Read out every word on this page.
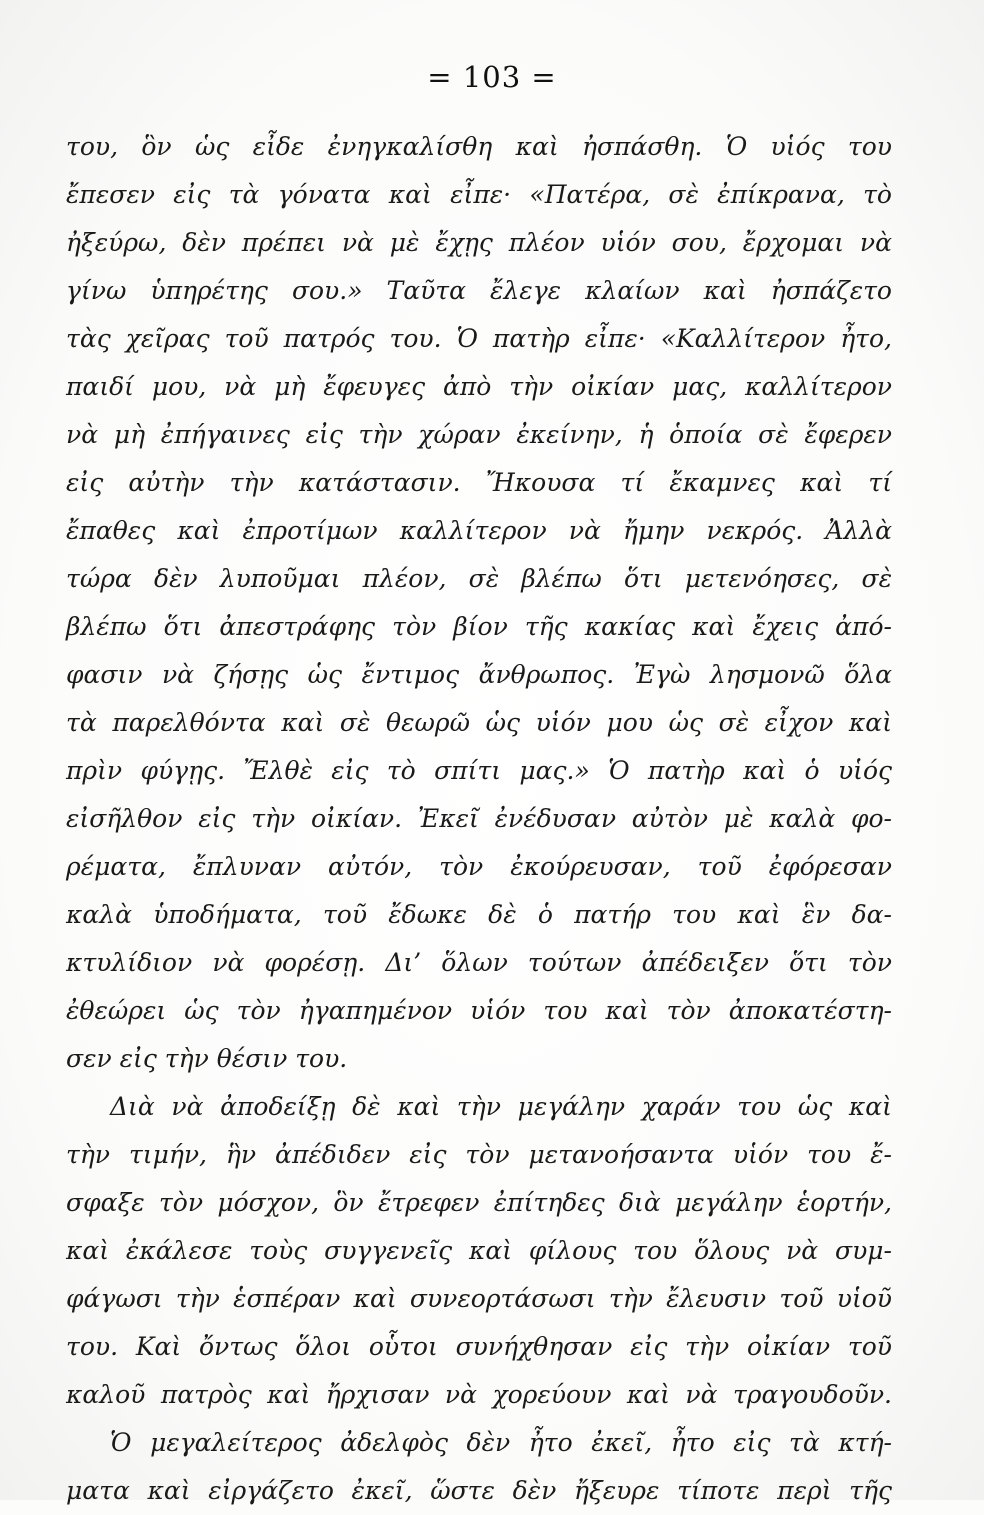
= 103 =
του, ὃν ὡς εἶδε ἐνηγκαλίσθη καὶ ἠσπάσθη. Ὁ υἱός του
ἔπεσεν εἰς τὰ γόνατα καὶ εἶπε· «Πατέρα, σὲ ἐπίκρανα, τὸ
ἠξεύρω, δὲν πρέπει νὰ μὲ ἔχῃς πλέον υἱόν σου, ἔρχομαι νὰ
γίνω ὑπηρέτης σου.» Ταῦτα ἔλεγε κλαίων καὶ ἠσπάζετο
τὰς χεῖρας τοῦ πατρός του. Ὁ πατὴρ εἶπε· «Καλλίτερον ἦτο,
παιδί μου, νὰ μὴ ἔφευγες ἀπὸ τὴν οἰκίαν μας, καλλίτερον
νὰ μὴ ἐπήγαινες εἰς τὴν χώραν ἐκείνην, ἡ ὁποία σὲ ἔφερεν
εἰς αὐτὴν τὴν κατάστασιν. Ἤκουσα τί ἔκαμνες καὶ τί
ἔπαθες καὶ ἐπροτίμων καλλίτερον νὰ ἤμην νεκρός. Ἀλλὰ
τώρα δὲν λυποῦμαι πλέον, σὲ βλέπω ὅτι μετενόησες, σὲ
βλέπω ὅτι ἀπεστράφης τὸν βίον τῆς κακίας καὶ ἔχεις ἀπό-
φασιν νὰ ζήσῃς ὡς ἔντιμος ἄνθρωπος. Ἐγὼ λησμονῶ ὅλα
τὰ παρελθόντα καὶ σὲ θεωρῶ ὡς υἱόν μου ὡς σὲ εἶχον καὶ
πρὶν φύγῃς. Ἔλθὲ εἰς τὸ σπίτι μας.» Ὁ πατὴρ καὶ ὁ υἱός
εἰσῆλθον εἰς τὴν οἰκίαν. Ἐκεῖ ἐνέδυσαν αὐτὸν μὲ καλὰ φο-
ρέματα, ἔπλυναν αὐτόν, τὸν ἐκούρευσαν, τοῦ ἐφόρεσαν
καλὰ ὑποδήματα, τοῦ ἔδωκε δὲ ὁ πατήρ του καὶ ἓν δα-
κτυλίδιον νὰ φορέσῃ. Δι’ ὅλων τούτων ἀπέδειξεν ὅτι τὸν
ἐθεώρει ὡς τὸν ἠγαπημένον υἱόν του καὶ τὸν ἀποκατέστη-
σεν εἰς τὴν θέσιν του.
Διὰ νὰ ἀποδείξῃ δὲ καὶ τὴν μεγάλην χαράν του ὡς καὶ
τὴν τιμήν, ἣν ἀπέδιδεν εἰς τὸν μετανοήσαντα υἱόν του ἔ-
σφαξε τὸν μόσχον, ὃν ἔτρεφεν ἐπίτηδες διὰ μεγάλην ἑορτήν,
καὶ ἐκάλεσε τοὺς συγγενεῖς καὶ φίλους του ὅλους νὰ συμ-
φάγωσι τὴν ἑσπέραν καὶ συνεορτάσωσι τὴν ἔλευσιν τοῦ υἱοῦ
του. Καὶ ὄντως ὅλοι οὗτοι συνήχθησαν εἰς τὴν οἰκίαν τοῦ
καλοῦ πατρὸς καὶ ἤρχισαν νὰ χορεύουν καὶ νὰ τραγουδοῦν.
Ὁ μεγαλείτερος ἀδελφὸς δὲν ἦτο ἐκεῖ, ἦτο εἰς τὰ κτή-
ματα καὶ εἰργάζετο ἐκεῖ, ὥστε δὲν ἤξευρε τίποτε περὶ τῆς
